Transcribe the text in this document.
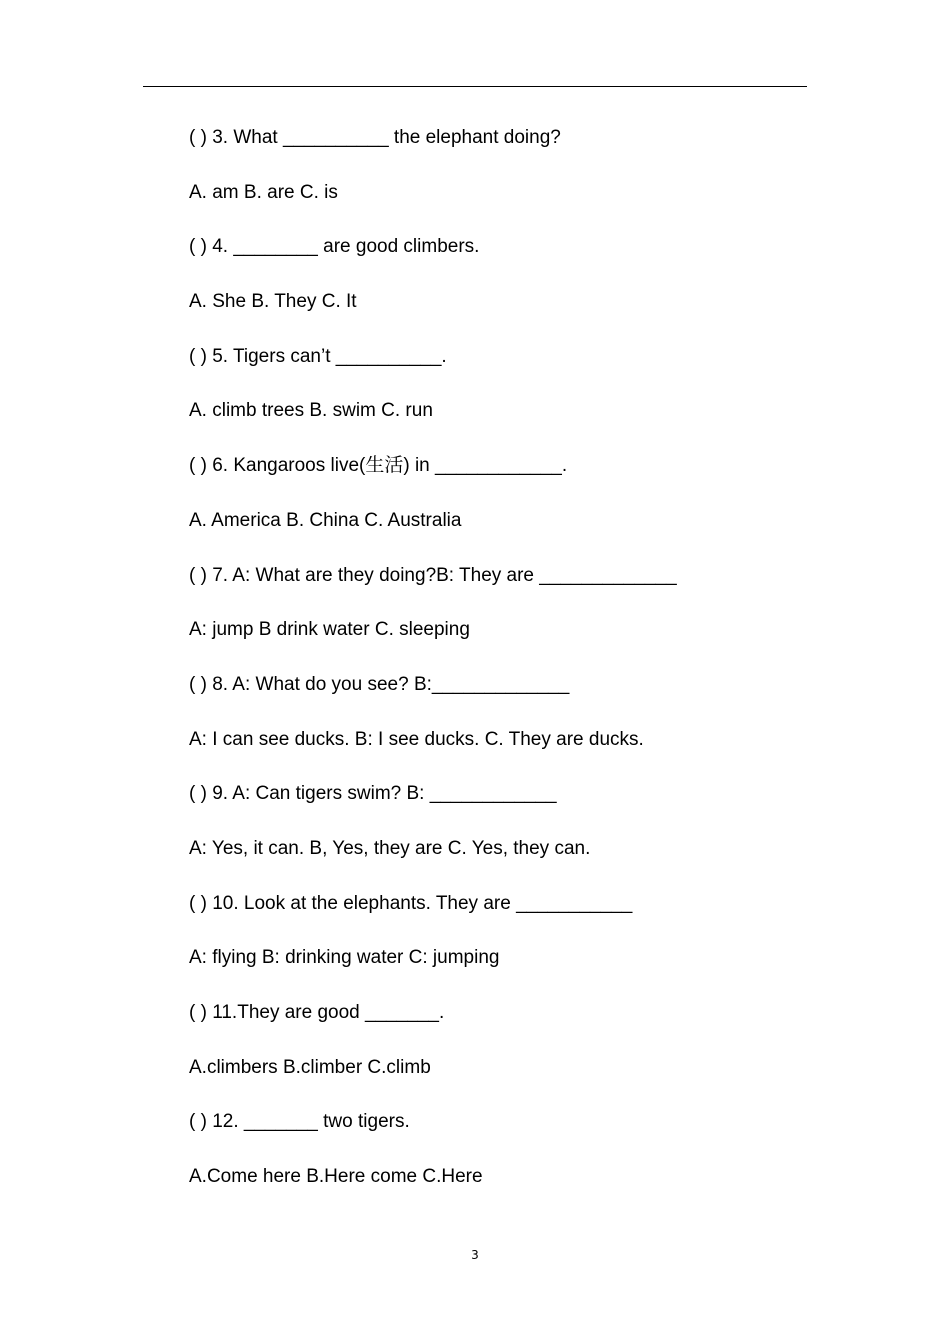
( ) 3. What __________ the elephant doing?
A. am B. are C. is
( ) 4. ________ are good climbers.
A. She B. They C. It
( ) 5. Tigers can’t __________.
A. climb trees B. swim C. run
( ) 6. Kangaroos live(生活) in ____________.
A. America B. China C. Australia
( ) 7. A: What are they doing?B: They are _____________
A: jump B drink water C. sleeping
( ) 8. A: What do you see? B:_____________
A: I can see ducks. B: I see ducks. C. They are ducks.
( ) 9. A: Can tigers swim? B: ____________
A: Yes, it can. B, Yes, they are C. Yes, they can.
( ) 10. Look at the elephants. They are ___________
A: flying B: drinking water C: jumping
( ) 11.They are good _______.
A.climbers B.climber C.climb
( ) 12. _______ two tigers.
A.Come here B.Here come C.Here
3
